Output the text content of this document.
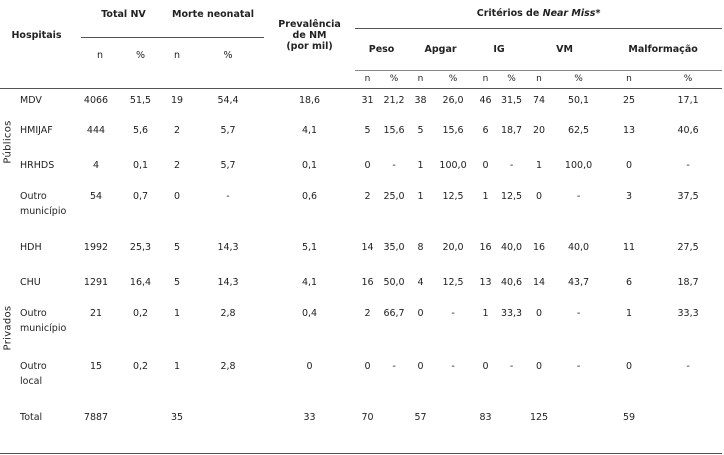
Hospitais	Total NV		Morte neonatal		Prevalência
de NM
(por mil)	Critérios de Near Miss*									

	n	%	n	%		Peso		Apgar		IG		VM		Malformação	
						n	%	n	%	n	%	n	%	n	%

MDV	4066	51,5	19	54,4	18,6	31	21,2	38	26,0	46	31,5	74	50,1	25	17,1

HMIJAF	444	5,6	2	5,7	4,1	5	15,6	5	15,6	6	18,7	20	62,5	13	40,6

HRHDS	4	0,1	2	5,7	0,1	0	-	1	100,0	0	-	1	100,0	0	-

Outro
município	54	0,7	0	-	0,6	2	25,0	1	12,5	1	12,5	0	-	3	37,5

HDH	1992	25,3	5	14,3	5,1	14	35,0	8	20,0	16	40,0	16	40,0	11	27,5

CHU	1291	16,4	5	14,3	4,1	16	50,0	4	12,5	13	40,6	14	43,7	6	18,7

Outro
município	21	0,2	1	2,8	0,4	2	66,7	0	-	1	33,3	0	-	1	33,3

Outro
local	15	0,2	1	2,8	0	0	-	0	-	0	-	0	-	0	-

Total	7887		35		33	70		57		83		125		59	
Públicos
Privados
